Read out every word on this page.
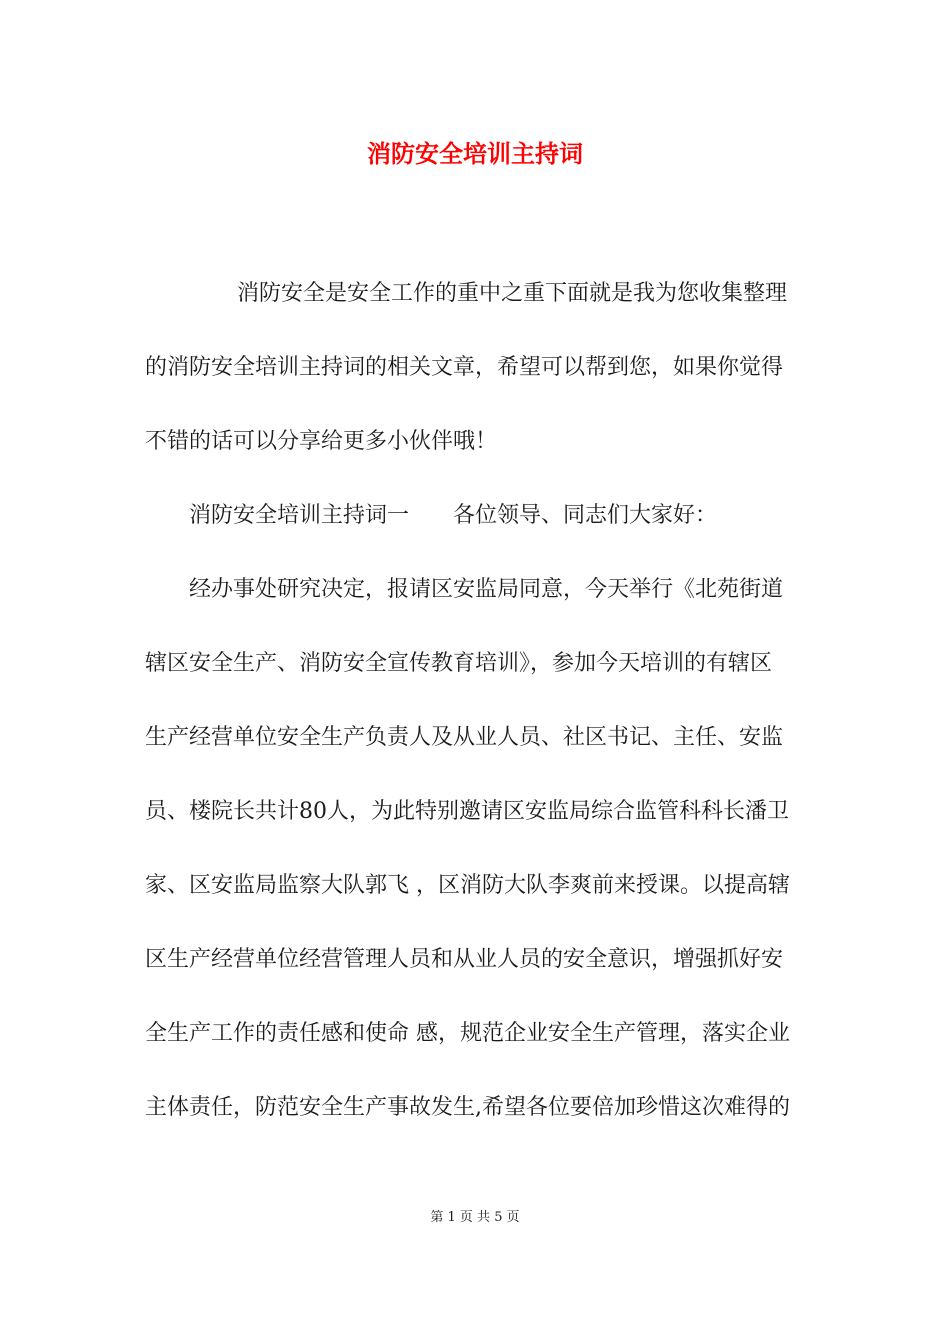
消防安全培训主持词

消防安全是安全工作的重中之重下面就是我为您收集整理

的消防安全培训主持词的相关文章，希望可以帮到您，如果你觉得

不错的话可以分享给更多小伙伴哦！

消防安全培训主持词一　　各位领导、同志们大家好：

经办事处研究决定，报请区安监局同意，今天举行《北苑街道

辖区安全生产、消防安全宣传教育培训》，参加今天培训的有辖区

生产经营单位安全生产负责人及从业人员、社区书记、主任、安监

员、楼院长共计80人，为此特别邀请区安监局综合监管科科长潘卫

家、区安监局监察大队郭飞 ，区消防大队李爽前来授课。以提高辖

区生产经营单位经营管理人员和从业人员的安全意识，增强抓好安

全生产工作的责任感和使命 感，规范企业安全生产管理，落实企业

主体责任，防范安全生产事故发生,希望各位要倍加珍惜这次难得的

第 1 页 共 5 页
